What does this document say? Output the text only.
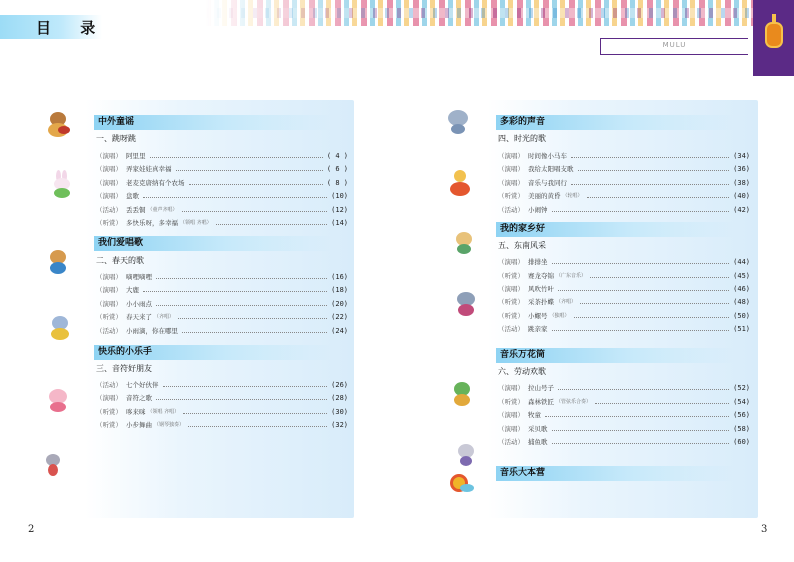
目 录
MULU
中外童谣
一、跳呀跳
（演唱） 阿里里	( 4 )
（演唱） 弄家娃娃真幸福	( 6 )
（演唱） 老麦克唐纳有个农场	( 8 )
（演唱） 盘歌	(10)
（活动） 丢丢铜 （童声齐唱）	(12)
（听赏） 多快乐呀，多幸福 （领唱 齐唱）	(14)
我们爱唱歌
二、春天的歌
（演唱） 嘀哩嘀哩	(16)
（演唱） 大鹿	(18)
（演唱） 小小雨点	(20)
（听赏） 春天来了 （齐唱）	(22)
（活动） 小雨滴，你在哪里	(24)
快乐的小乐手
三、音符好朋友
（活动） 七个好伙伴	(26)
（演唱） 音符之歌	(28)
（听赏） 哆来咪 （领唱 齐唱）	(30)
（听赏） 小步舞曲 （钢琴独奏）	(32)
多彩的声音
四、时光的歌
（演唱） 时间像小马车	(34)
（演唱） 我给太阳唱支歌	(36)
（演唱） 音乐与我同行	(38)
（听赏） 美丽的黄昏 （轮唱）	(40)
（活动） 小闹钟	(42)
我的家乡好
五、东南风采
（演唱） 排排坐	(44)
（听赏） 赛龙夺锦 （广东音乐）	(45)
（演唱） 风吹竹叶	(46)
（听赏） 采茶扑蝶 （齐唱）	(48)
（听赏） 小螺号 （独唱）	(50)
（活动） 跳亲家	(51)
音乐万花筒
六、劳动欢歌
（演唱） 拉山号子	(52)
（听赏） 森林铁匠 （管弦乐合奏）	(54)
（演唱） 牧童	(56)
（演唱） 采贝歌	(58)
（活动） 捕鱼歌	(60)
音乐大本营
2	3
